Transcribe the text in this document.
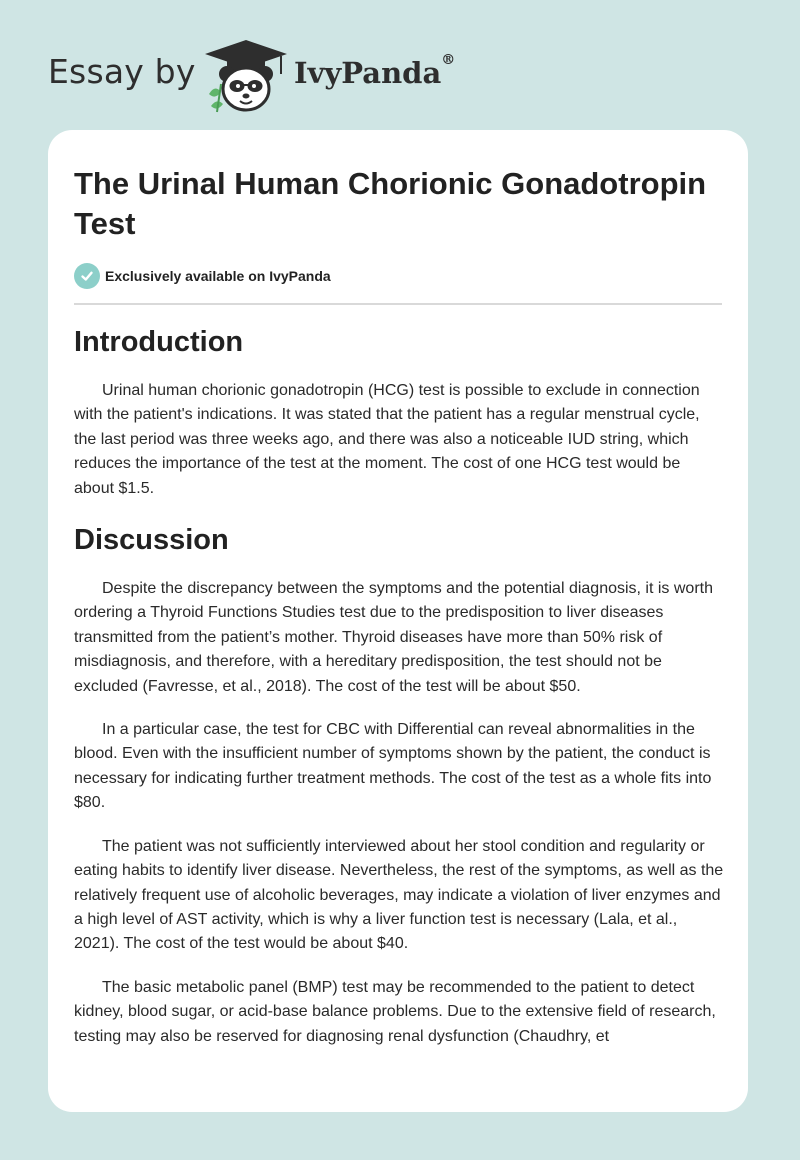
Essay by	IvyPanda®
The Urinal Human Chorionic Gonadotropin Test
Exclusively available on IvyPanda
Introduction

Urinal human chorionic gonadotropin (HCG) test is possible to exclude in connection with the patient's indications. It was stated that the patient has a regular menstrual cycle, the last period was three weeks ago, and there was also a noticeable IUD string, which reduces the importance of the test at the moment. The cost of one HCG test would be about $1.5.

Discussion

Despite the discrepancy between the symptoms and the potential diagnosis, it is worth ordering a Thyroid Functions Studies test due to the predisposition to liver diseases transmitted from the patient’s mother. Thyroid diseases have more than 50% risk of misdiagnosis, and therefore, with a hereditary predisposition, the test should not be excluded (Favresse, et al., 2018). The cost of the test will be about $50.

In a particular case, the test for CBC with Differential can reveal abnormalities in the blood. Even with the insufficient number of symptoms shown by the patient, the conduct is necessary for indicating further treatment methods. The cost of the test as a whole fits into $80.

The patient was not sufficiently interviewed about her stool condition and regularity or eating habits to identify liver disease. Nevertheless, the rest of the symptoms, as well as the relatively frequent use of alcoholic beverages, may indicate a violation of liver enzymes and a high level of AST activity, which is why a liver function test is necessary (Lala, et al., 2021). The cost of the test would be about $40.

The basic metabolic panel (BMP) test may be recommended to the patient to detect kidney, blood sugar, or acid-base balance problems. Due to the extensive field of research, testing may also be reserved for diagnosing renal dysfunction (Chaudhry, et
